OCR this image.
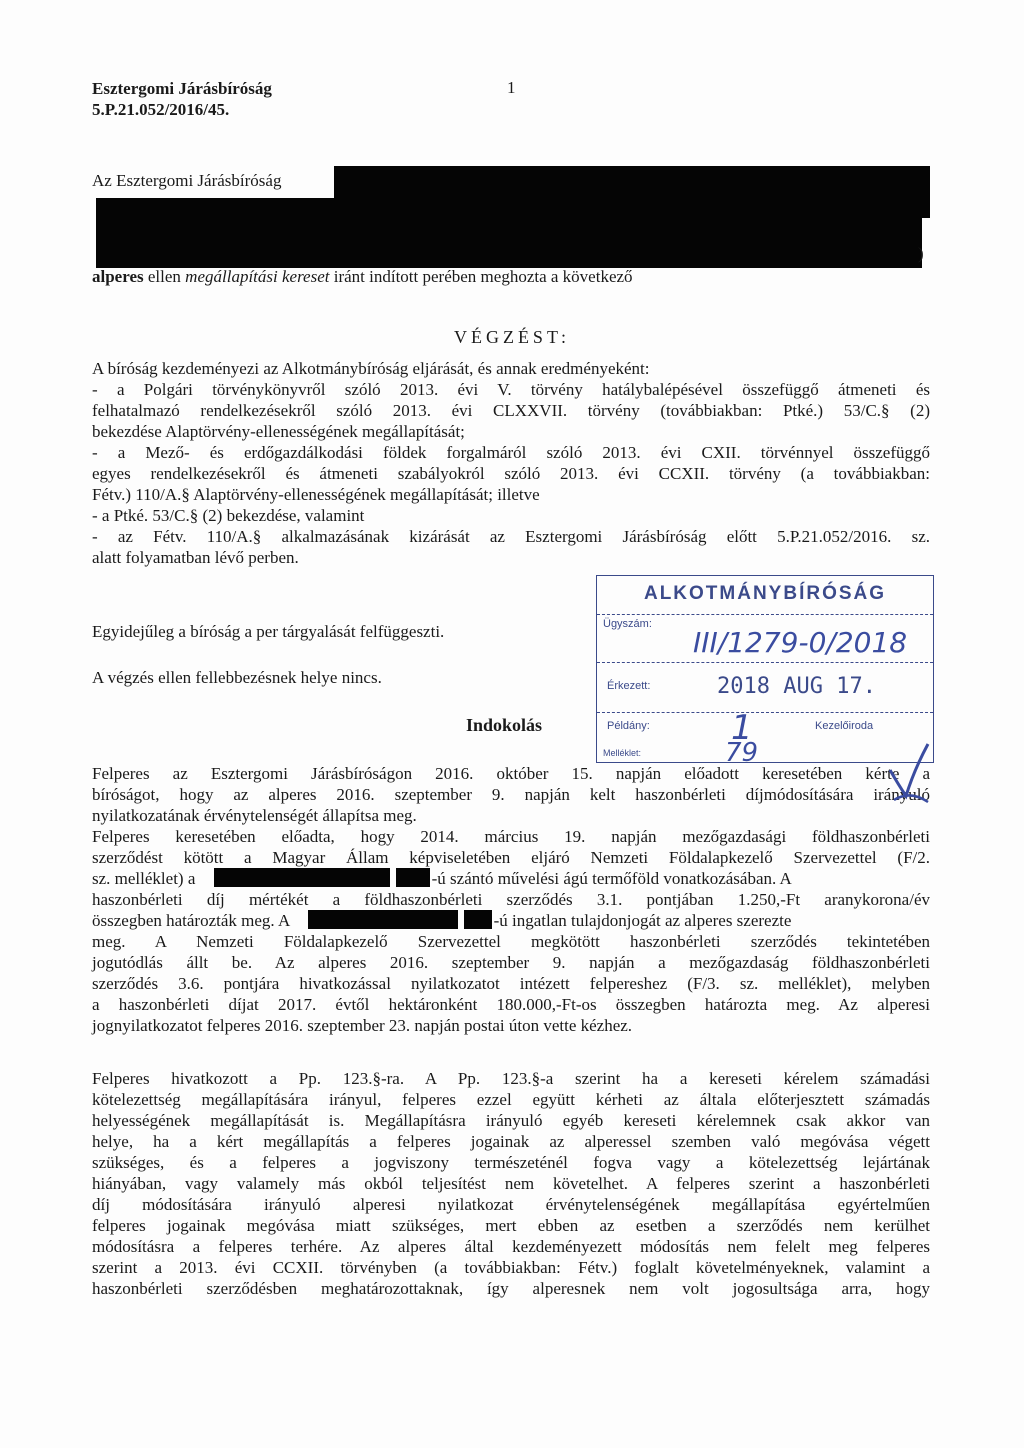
Esztergomi Járásbíróság
5.P.21.052/2016/45.
1
Az Esztergomi Járásbíróság
)
alperes ellen megállapítási kereset iránt indított perében meghozta a következő
VÉGZÉST:
A bíróság kezdeményezi az Alkotmánybíróság eljárását, és annak eredményeként:
- a Polgári törvénykönyvről szóló 2013. évi V. törvény hatálybalépésével összefüggő átmeneti és
felhatalmazó rendelkezésekről szóló 2013. évi CLXXVII. törvény (továbbiakban: Ptké.) 53/C.§ (2)
bekezdése Alaptörvény-ellenességének megállapítását;
- a Mező- és erdőgazdálkodási földek forgalmáról szóló 2013. évi CXII. törvénnyel összefüggő
egyes rendelkezésekről és átmeneti szabályokról szóló 2013. évi CCXII. törvény (a továbbiakban:
Fétv.) 110/A.§ Alaptörvény-ellenességének megállapítását; illetve
- a Ptké. 53/C.§ (2) bekezdése, valamint
- az Fétv. 110/A.§ alkalmazásának kizárását az Esztergomi Járásbíróság előtt 5.P.21.052/2016. sz.
alatt folyamatban lévő perben.
Egyidejűleg a bíróság a per tárgyalását felfüggeszti.
A végzés ellen fellebbezésnek helye nincs.
Indokolás
Felperes az Esztergomi Járásbíróságon 2016. október 15. napján előadott keresetében kérte a
bíróságot, hogy az alperes 2016. szeptember 9. napján kelt haszonbérleti díjmódosítására irányuló
nyilatkozatának érvénytelenségét állapítsa meg.
Felperes keresetében előadta, hogy 2014. március 19. napján mezőgazdasági földhaszonbérleti
szerződést kötött a Magyar Állam képviseletében eljáró Nemzeti Földalapkezelő Szervezettel (F/2.
sz. melléklet) a	-ú szántó művelési ágú termőföld vonatkozásában. A
haszonbérleti díj mértékét a földhaszonbérleti szerződés 3.1. pontjában 1.250,-Ft aranykorona/év
összegben határozták meg. A	-ú ingatlan tulajdonjogát az alperes szerezte
meg. A Nemzeti Földalapkezelő Szervezettel megkötött haszonbérleti szerződés tekintetében
jogutódlás állt be. Az alperes 2016. szeptember 9. napján a mezőgazdaság földhaszonbérleti
szerződés 3.6. pontjára hivatkozással nyilatkozatot intézett felpereshez (F/3. sz. melléklet), melyben
a haszonbérleti díjat 2017. évtől hektáronként 180.000,-Ft-os összegben határozta meg. Az alperesi
jognyilatkozatot felperes 2016. szeptember 23. napján postai úton vette kézhez.
Felperes hivatkozott a Pp. 123.§-ra. A Pp. 123.§-a szerint ha a kereseti kérelem számadási
kötelezettség megállapítására irányul, felperes ezzel együtt kérheti az általa előterjesztett számadás
helyességének megállapítását is. Megállapításra irányuló egyéb kereseti kérelemnek csak akkor van
helye, ha a kért megállapítás a felperes jogainak az alperessel szemben való megóvása végett
szükséges, és a felperes a jogviszony természeténél fogva vagy a kötelezettség lejártának
hiányában, vagy valamely más okból teljesítést nem követelhet. A felperes szerint a haszonbérleti
díj módosítására irányuló alperesi nyilatkozat érvénytelenségének megállapítása egyértelműen
felperes jogainak megóvása miatt szükséges, mert ebben az esetben a szerződés nem kerülhet
módosításra a felperes terhére. Az alperes által kezdeményezett módosítás nem felelt meg felperes
szerint a 2013. évi CCXII. törvényben (a továbbiakban: Fétv.) foglalt követelményeknek, valamint a
haszonbérleti szerződésben meghatározottaknak, így alperesnek nem volt jogosultsága arra, hogy
ALKOTMÁNYBÍRÓSÁG
Ügyszám:
III/1279-0/2018
Érkezett:	2018 AUG 17.
Példány: 1	Kezelőiroda
Melléklet:	79
